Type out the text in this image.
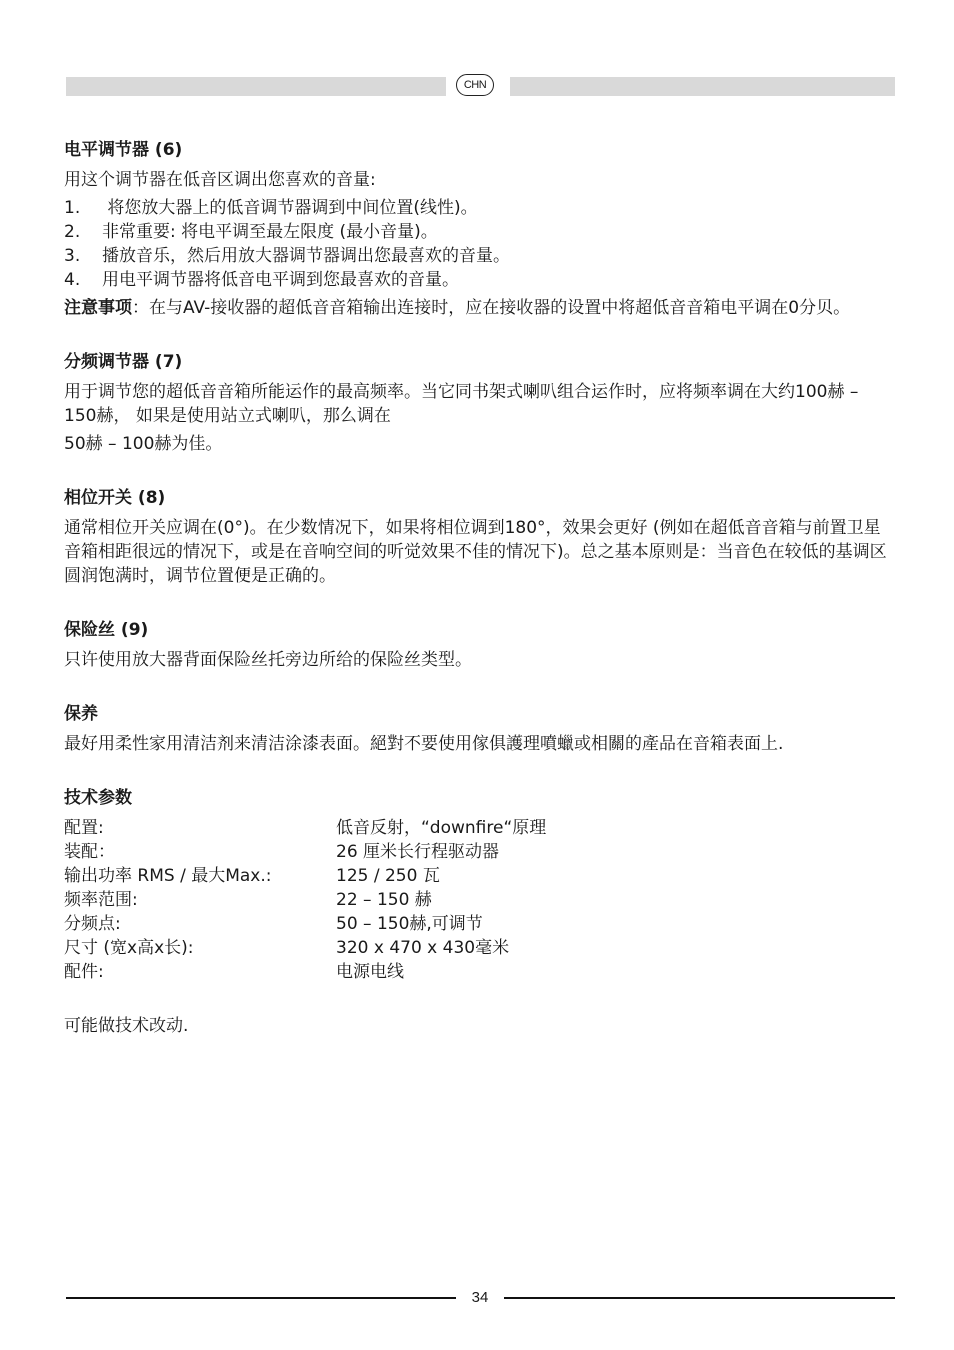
CHN
电平调节器 (6)

用这个调节器在低音区调出您喜欢的音量:

1.	将您放大器上的低音调节器调到中间位置(线性)。
2.	非常重要: 将电平调至最左限度 (最小音量)。
3.	播放音乐，然后用放大器调节器调出您最喜欢的音量。
4.	用电平调节器将低音电平调到您最喜欢的音量。

注意事项：在与AV-接收器的超低音音箱输出连接时，应在接收器的设置中将超低音音箱电平调在0分贝。

分频调节器 (7)

用于调节您的超低音音箱所能运作的最高频率。当它同书架式喇叭组合运作时，应将频率调在大约100赫 – 150赫， 如果是使用站立式喇叭，那么调在

50赫 – 100赫为佳。

相位开关 (8)

通常相位开关应调在(0°)。在少数情况下，如果将相位调到180°，效果会更好 (例如在超低音音箱与前置卫星音箱相距很远的情况下，或是在音响空间的听觉效果不佳的情况下)。总之基本原则是：当音色在较低的基调区圆润饱满时，调节位置便是正确的。

保险丝 (9)

只许使用放大器背面保险丝托旁边所给的保险丝类型。

保养

最好用柔性家用清洁剂来清洁涂漆表面。絕對不要使用傢俱護理噴蠟或相關的產品在音箱表面上.

技术参数
配置:	低音反射，“downfire“原理
装配：	26 厘米长行程驱动器
输出功率 RMS / 最大Max.:	125 / 250 瓦
频率范围:	22 – 150 赫
分频点:	50 – 150赫,可调节
尺寸 (宽x高x长):	320 x 470 x 430毫米
配件:	电源电线

可能做技术改动.

34
